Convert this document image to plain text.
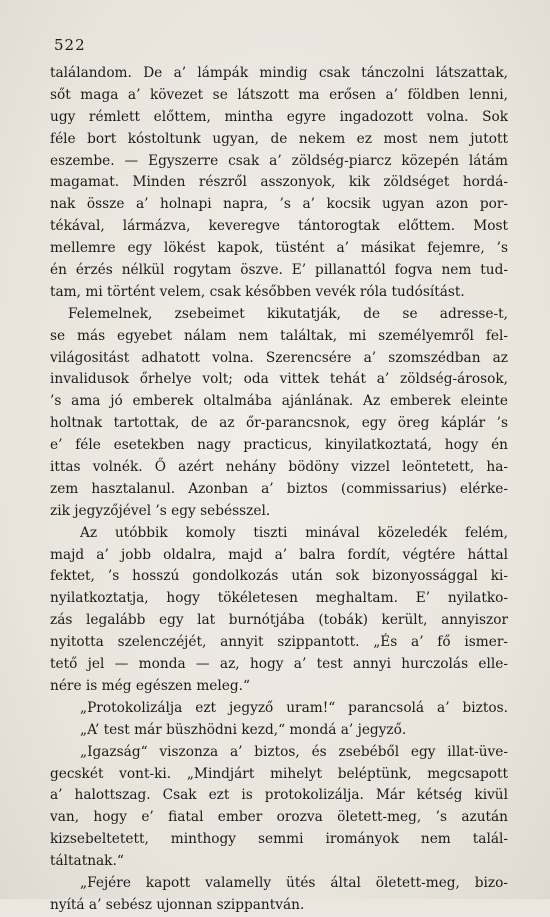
522
találandom. De a’ lámpák mindig csak tánczolni látszattak,
sőt maga a’ kövezet se látszott ma erősen a’ földben lenni,
ugy rémlett előttem, mintha egyre ingadozott volna. Sok
féle bort kóstoltunk ugyan, de nekem ez most nem jutott
eszembe. — Egyszerre csak a’ zöldség-piarcz közepén látám
magamat. Minden részről asszonyok, kik zöldséget hordá-
nak össze a’ holnapi napra, ’s a’ kocsik ugyan azon por-
tékával, lármázva, keveregve tántorogtak előttem. Most
mellemre egy lökést kapok, tüstént a’ másikat fejemre, ’s
én érzés nélkül rogytam öszve. E’ pillanattól fogva nem tud-
tam, mi történt velem, csak későbben vevék róla tudósítást.
Felemelnek, zsebeimet kikutatják, de se adresse-t,
se más egyebet nálam nem találtak, mi személyemről fel-
világositást adhatott volna. Szerencsére a’ szomszédban az
invalidusok őrhelye volt; oda vittek tehát a’ zöldség-árosok,
’s ama jó emberek oltalmába ajánlának. Az emberek eleinte
holtnak tartottak, de az őr-parancsnok, egy öreg káplár ’s
e’ féle esetekben nagy practicus, kinyilatkoztatá, hogy én
ittas volnék. Ő azért nehány bödöny vizzel leöntetett, ha-
zem hasztalanul. Azonban a’ biztos (commissarius) elérke-
zik jegyzőjével ’s egy sebésszel.
Az utóbbik komoly tiszti minával közeledék felém,
majd a’ jobb oldalra, majd a’ balra fordít, végtére háttal
fektet, ’s hosszú gondolkozás után sok bizonyossággal ki-
nyilatkoztatja, hogy tökéletesen meghaltam. E’ nyilatko-
zás legalább egy lat burnótjába (tobák) került, annyiszor
nyitotta szelenczéjét, annyit szippantott. „És a’ fő ismer-
tető jel — monda — az, hogy a’ test annyi hurczolás elle-
nére is még egészen meleg.“
„Protokolizálja ezt jegyző uram!“ parancsolá a’ biztos.
„A’ test már büszhödni kezd,“ mondá a’ jegyző.
„Igazság“ viszonza a’ biztos, és zsebéből egy illat-üve-
gecskét vont-ki. „Mindjárt mihelyt beléptünk, megcsapott
a’ halottszag. Csak ezt is protokolizálja. Már kétség kivül
van, hogy e’ fiatal ember orozva öletett-meg, ’s azután
kizsebeltetett, minthogy semmi irományok nem talál-
táltatnak.“
„Fejére kapott valamelly ütés által öletett-meg, bizo-
nyítá a’ sebész ujonnan szippantván.
